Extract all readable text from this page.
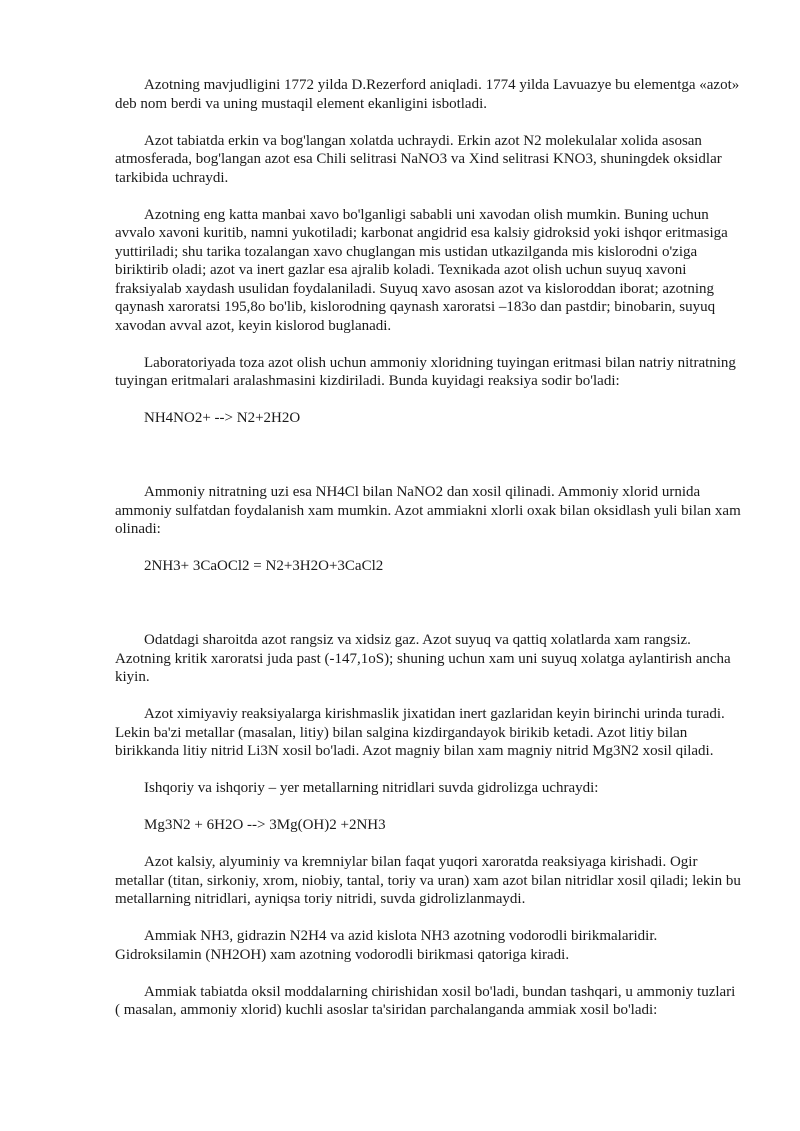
Azotning mavjudligini 1772 yilda D.Rezerford aniqladi. 1774 yilda Lavuazye bu elementga «azot» deb nom berdi va uning mustaqil element ekanligini isbotladi.

Azot tabiatda erkin va bog'langan xolatda uchraydi. Erkin azot N2 molekulalar xolida asosan atmosferada, bog'langan azot esa Chili selitrasi NaNO3 va Xind selitrasi KNO3, shuningdek oksidlar tarkibida uchraydi.

Azotning eng katta manbai xavo bo'lganligi sababli uni xavodan olish mumkin. Buning uchun avvalo xavoni kuritib, namni yukotiladi; karbonat angidrid esa kalsiy gidroksid yoki ishqor eritmasiga yuttiriladi; shu tarika tozalangan xavo chuglangan mis ustidan utkazilganda mis kislorodni o'ziga biriktirib oladi; azot va inert gazlar esa ajralib koladi. Texnikada azot olish uchun suyuq xavoni fraksiyalab xaydash usulidan foydalaniladi. Suyuq xavo asosan azot va kisloroddan iborat; azotning qaynash xaroratsi 195,8o bo'lib, kislorodning qaynash xaroratsi –183o dan pastdir; binobarin, suyuq xavodan avval azot, keyin kislorod buglanadi.

Laboratoriyada toza azot olish uchun ammoniy xloridning tuyingan eritmasi bilan natriy nitratning tuyingan eritmalari aralashmasini kizdiriladi. Bunda kuyidagi reaksiya sodir bo'ladi:

NH4NO2+ --> N2+2H2O

Ammoniy nitratning uzi esa NH4Cl bilan NaNO2 dan xosil qilinadi. Ammoniy xlorid urnida ammoniy sulfatdan foydalanish xam mumkin. Azot ammiakni xlorli oxak bilan oksidlash yuli bilan xam olinadi:

2NH3+ 3CaOCl2 = N2+3H2O+3CaCl2

Odatdagi sharoitda azot rangsiz va xidsiz gaz. Azot suyuq va qattiq xolatlarda xam rangsiz. Azotning kritik xaroratsi juda past (-147,1oS); shuning uchun xam uni suyuq xolatga aylantirish ancha kiyin.

Azot ximiyaviy reaksiyalarga kirishmaslik jixatidan inert gazlaridan keyin birinchi urinda turadi. Lekin ba'zi metallar (masalan, litiy) bilan salgina kizdirgandayok birikib ketadi. Azot litiy bilan birikkanda litiy nitrid Li3N xosil bo'ladi. Azot magniy bilan xam magniy nitrid Mg3N2 xosil qiladi.

Ishqoriy va ishqoriy – yer metallarning nitridlari suvda gidrolizga uchraydi:

Mg3N2 + 6H2O --> 3Mg(OH)2 +2NH3

Azot kalsiy, alyuminiy va kremniylar bilan faqat yuqori xaroratda reaksiyaga kirishadi. Ogir metallar (titan, sirkoniy, xrom, niobiy, tantal, toriy va uran) xam azot bilan nitridlar xosil qiladi; lekin bu metallarning nitridlari, ayniqsa toriy nitridi, suvda gidrolizlanmaydi.

Ammiak NH3, gidrazin N2H4 va azid kislota NH3 azotning vodorodli birikmalaridir. Gidroksilamin (NH2OH) xam azotning vodorodli birikmasi qatoriga kiradi.

Ammiak tabiatda oksil moddalarning chirishidan xosil bo'ladi, bundan tashqari, u ammoniy tuzlari ( masalan, ammoniy xlorid) kuchli asoslar ta'siridan parchalanganda ammiak xosil bo'ladi:
